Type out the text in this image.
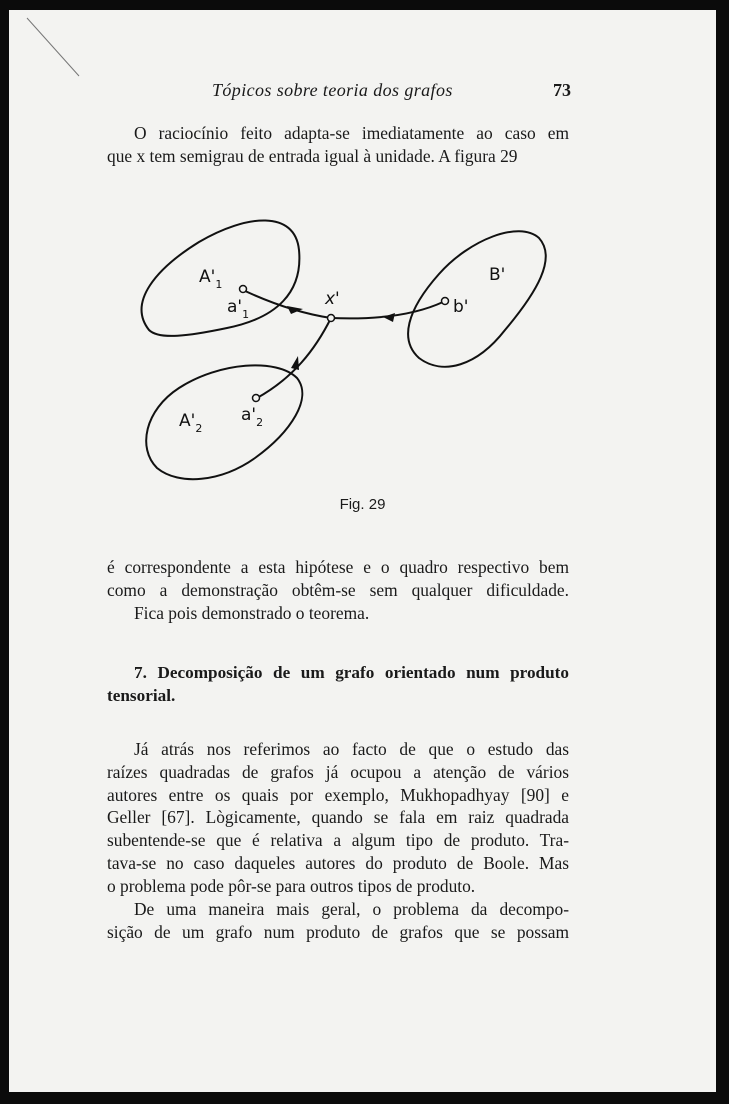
Tópicos sobre teoria dos grafos	73
O raciocínio feito adapta-se imediatamente ao caso em
que x tem semigrau de entrada igual à unidade. A figura 29
$A'_1$
$a'_1$
x'
B'
b'
$A'_2$
$a'_2$
Fig. 29
é correspondente a esta hipótese e o quadro respectivo bem
como a demonstração obtêm-se sem qualquer dificuldade.
Fica pois demonstrado o teorema.
7. Decomposição de um grafo orientado num produto
tensorial.
Já atrás nos referimos ao facto de que o estudo das
raízes quadradas de grafos já ocupou a atenção de vários
autores entre os quais por exemplo, Mukhopadhyay [90] e
Geller [67]. Lògicamente, quando se fala em raiz quadrada
subentende-se que é relativa a algum tipo de produto. Tra-
tava-se no caso daqueles autores do produto de Boole. Mas
o problema pode pôr-se para outros tipos de produto.
De uma maneira mais geral, o problema da decompo-
sição de um grafo num produto de grafos que se possam
